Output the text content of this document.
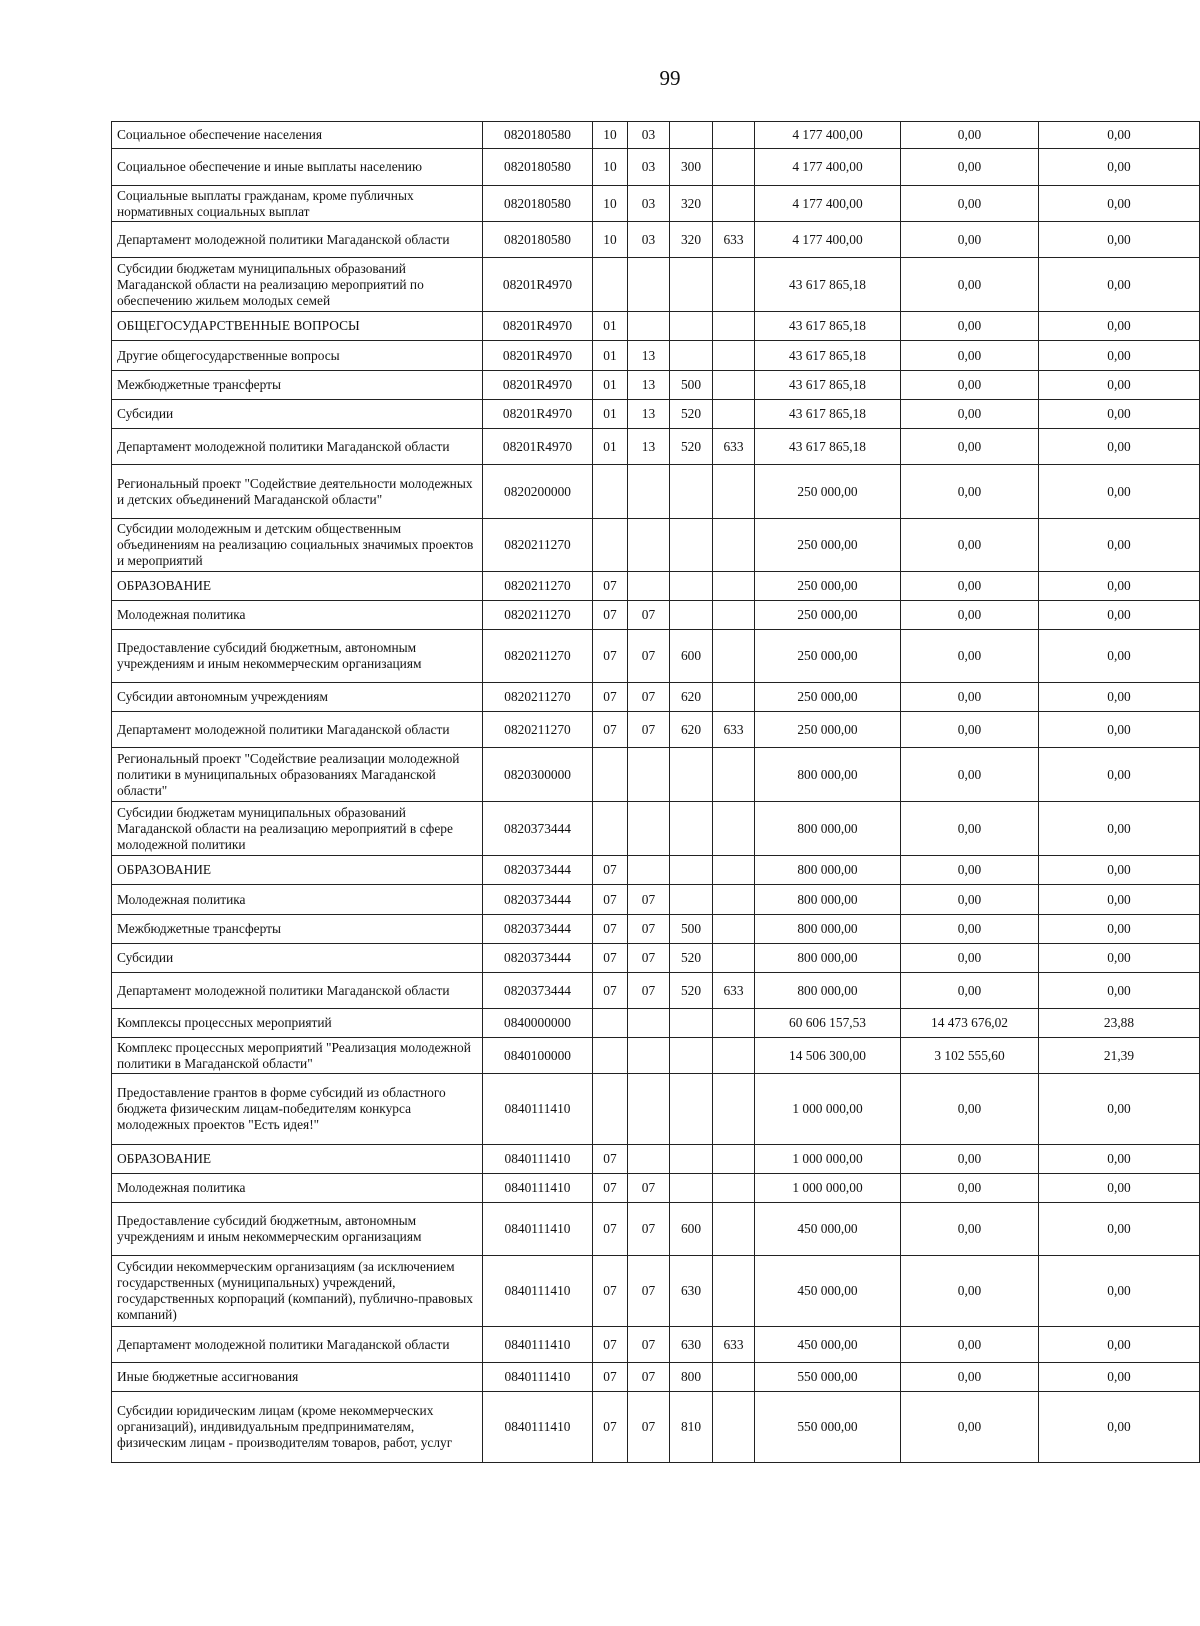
99
Социальное обеспечение населения	0820180580	10	03			4 177 400,00	0,00	0,00
Социальное обеспечение и иные выплаты населению	0820180580	10	03	300		4 177 400,00	0,00	0,00
Социальные выплаты гражданам, кроме публичных нормативных социальных выплат	0820180580	10	03	320		4 177 400,00	0,00	0,00
Департамент молодежной политики Магаданской области	0820180580	10	03	320	633	4 177 400,00	0,00	0,00
Субсидии бюджетам муниципальных образований Магаданской области на реализацию мероприятий по обеспечению жильем молодых семей	08201R4970					43 617 865,18	0,00	0,00
ОБЩЕГОСУДАРСТВЕННЫЕ ВОПРОСЫ	08201R4970	01				43 617 865,18	0,00	0,00
Другие общегосударственные вопросы	08201R4970	01	13			43 617 865,18	0,00	0,00
Межбюджетные трансферты	08201R4970	01	13	500		43 617 865,18	0,00	0,00
Субсидии	08201R4970	01	13	520		43 617 865,18	0,00	0,00
Департамент молодежной политики Магаданской области	08201R4970	01	13	520	633	43 617 865,18	0,00	0,00
Региональный проект "Содействие деятельности молодежных и детских объединений Магаданской области"	0820200000					250 000,00	0,00	0,00
Субсидии молодежным и детским общественным объединениям на реализацию социальных значимых проектов и мероприятий	0820211270					250 000,00	0,00	0,00
ОБРАЗОВАНИЕ	0820211270	07				250 000,00	0,00	0,00
Молодежная политика	0820211270	07	07			250 000,00	0,00	0,00
Предоставление субсидий бюджетным, автономным учреждениям и иным некоммерческим организациям	0820211270	07	07	600		250 000,00	0,00	0,00
Субсидии автономным учреждениям	0820211270	07	07	620		250 000,00	0,00	0,00
Департамент молодежной политики Магаданской области	0820211270	07	07	620	633	250 000,00	0,00	0,00
Региональный проект "Содействие реализации молодежной политики в муниципальных образованиях Магаданской области"	0820300000					800 000,00	0,00	0,00
Субсидии бюджетам муниципальных образований Магаданской области на реализацию мероприятий в сфере молодежной политики	0820373444					800 000,00	0,00	0,00
ОБРАЗОВАНИЕ	0820373444	07				800 000,00	0,00	0,00
Молодежная политика	0820373444	07	07			800 000,00	0,00	0,00
Межбюджетные трансферты	0820373444	07	07	500		800 000,00	0,00	0,00
Субсидии	0820373444	07	07	520		800 000,00	0,00	0,00
Департамент молодежной политики Магаданской области	0820373444	07	07	520	633	800 000,00	0,00	0,00
Комплексы процессных мероприятий	0840000000					60 606 157,53	14 473 676,02	23,88
Комплекс процессных мероприятий "Реализация молодежной политики в Магаданской области"	0840100000					14 506 300,00	3 102 555,60	21,39
Предоставление грантов в форме субсидий из областного бюджета физическим лицам-победителям конкурса молодежных проектов "Есть идея!"	0840111410					1 000 000,00	0,00	0,00
ОБРАЗОВАНИЕ	0840111410	07				1 000 000,00	0,00	0,00
Молодежная политика	0840111410	07	07			1 000 000,00	0,00	0,00
Предоставление субсидий бюджетным, автономным учреждениям и иным некоммерческим организациям	0840111410	07	07	600		450 000,00	0,00	0,00
Субсидии некоммерческим организациям (за исключением государственных (муниципальных) учреждений, государственных корпораций (компаний), публично-правовых компаний)	0840111410	07	07	630		450 000,00	0,00	0,00
Департамент молодежной политики Магаданской области	0840111410	07	07	630	633	450 000,00	0,00	0,00
Иные бюджетные ассигнования	0840111410	07	07	800		550 000,00	0,00	0,00
Субсидии юридическим лицам (кроме некоммерческих организаций), индивидуальным предпринимателям, физическим лицам - производителям товаров, работ, услуг	0840111410	07	07	810		550 000,00	0,00	0,00
